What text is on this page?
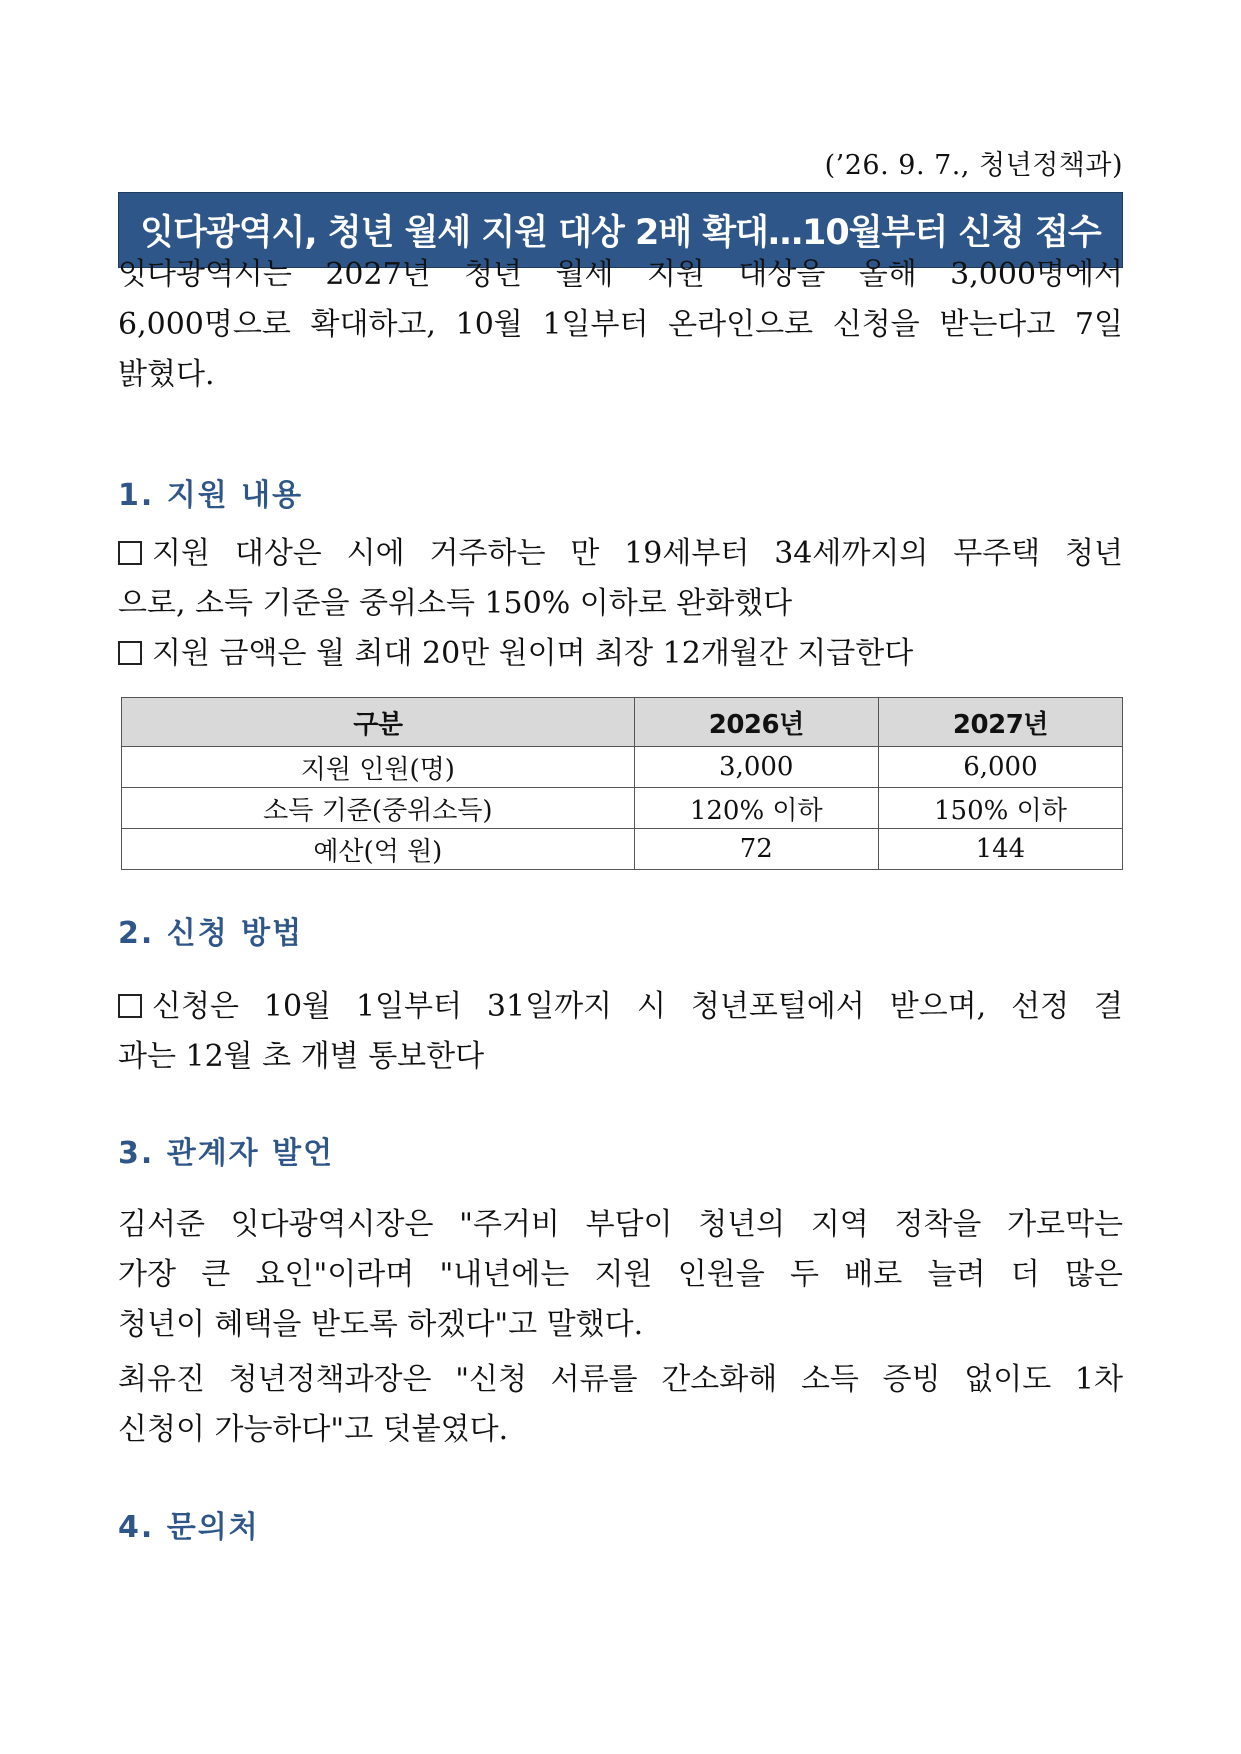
(’26. 9. 7., 청년정책과)
잇다광역시, 청년 월세 지원 대상 2배 확대…10월부터 신청 접수
잇다광역시는 2027년 청년 월세 지원 대상을 올해 3,000명에서
6,000명으로 확대하고, 10월 1일부터 온라인으로 신청을 받는다고 7일
밝혔다.
1. 지원 내용
지원 대상은 시에 거주하는 만 19세부터 34세까지의 무주택 청년
으로, 소득 기준을 중위소득 150% 이하로 완화했다
지원 금액은 월 최대 20만 원이며 최장 12개월간 지급한다
구분	2026년	2027년
지원 인원(명)	3,000	6,000
소득 기준(중위소득)	120% 이하	150% 이하
예산(억 원)	72	144
2. 신청 방법
신청은 10월 1일부터 31일까지 시 청년포털에서 받으며, 선정 결
과는 12월 초 개별 통보한다
3. 관계자 발언
김서준 잇다광역시장은 "주거비 부담이 청년의 지역 정착을 가로막는
가장 큰 요인"이라며 "내년에는 지원 인원을 두 배로 늘려 더 많은
청년이 혜택을 받도록 하겠다"고 말했다.
최유진 청년정책과장은 "신청 서류를 간소화해 소득 증빙 없이도 1차
신청이 가능하다"고 덧붙였다.
4. 문의처
